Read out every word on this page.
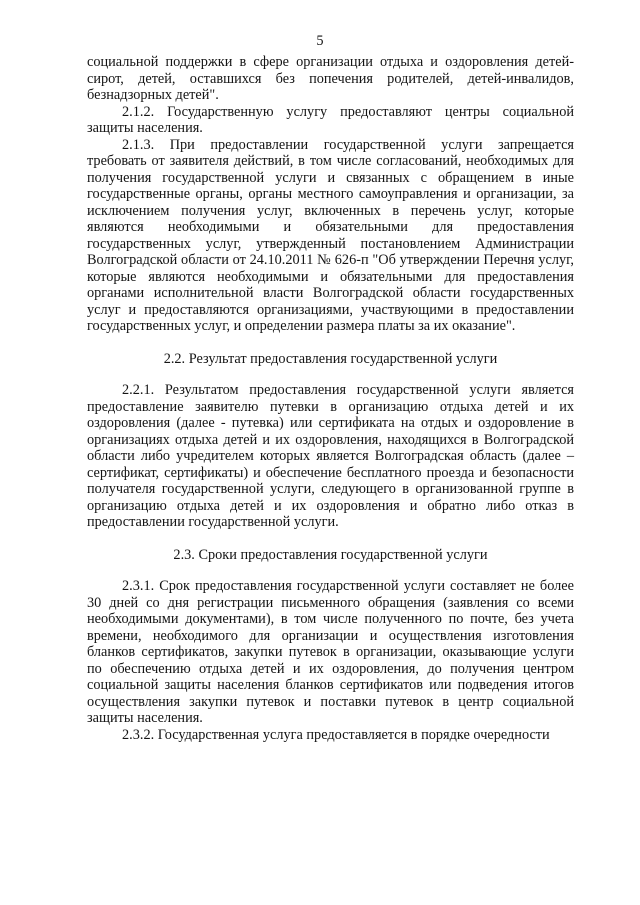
5

социальной поддержки в сфере организации отдыха и оздоровления детей-сирот, детей, оставшихся без попечения родителей, детей-инвалидов, безнадзорных детей".

2.1.2. Государственную услугу предоставляют центры социальной защиты населения.

2.1.3. При предоставлении государственной услуги запрещается требовать от заявителя действий, в том числе согласований, необходимых для получения государственной услуги и связанных с обращением в иные государственные органы, органы местного самоуправления и организации, за исключением получения услуг, включенных в перечень услуг, которые являются необходимыми и обязательными для предоставления государственных услуг, утвержденный постановлением Администрации Волгоградской области от 24.10.2011 № 626-п "Об утверждении Перечня услуг, которые являются необходимыми и обязательными для предоставления органами исполнительной власти Волгоградской области государственных услуг и предоставляются организациями, участвующими в предоставлении государственных услуг, и определении размера платы за их оказание".

2.2. Результат предоставления государственной услуги

2.2.1. Результатом предоставления государственной услуги является предоставление заявителю путевки в организацию отдыха детей и их оздоровления (далее - путевка) или сертификата на отдых и оздоровление в организациях отдыха детей и их оздоровления, находящихся в Волгоградской области либо учредителем которых является Волгоградская область (далее – сертификат, сертификаты) и обеспечение бесплатного проезда и безопасности получателя государственной услуги, следующего в организованной группе в организацию отдыха детей и их оздоровления и обратно либо отказ в предоставлении государственной услуги.

2.3. Сроки предоставления государственной услуги

2.3.1. Срок предоставления государственной услуги составляет не более 30 дней со дня регистрации письменного обращения (заявления со всеми необходимыми документами), в том числе полученного по почте, без учета времени, необходимого для организации и осуществления изготовления бланков сертификатов, закупки путевок в организации, оказывающие услуги по обеспечению отдыха детей и их оздоровления, до получения центром социальной защиты населения бланков сертификатов или подведения итогов осуществления закупки путевок и поставки путевок в центр социальной защиты населения.

2.3.2. Государственная услуга предоставляется в порядке очередности
